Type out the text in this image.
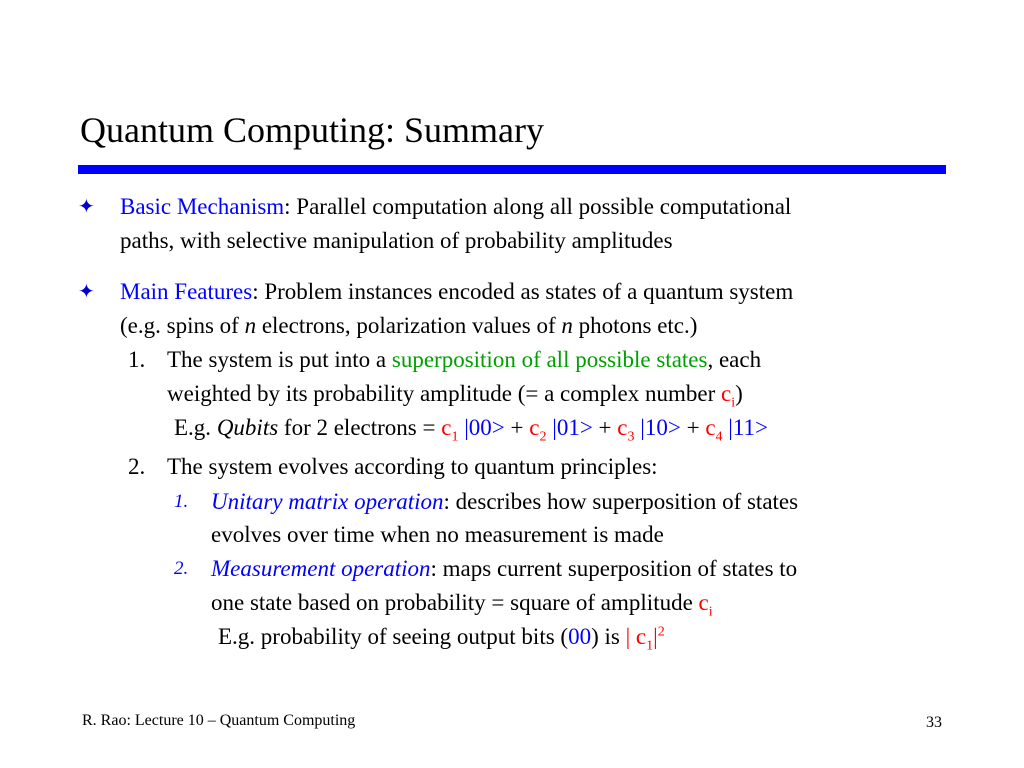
Quantum Computing: Summary
✦ Basic Mechanism: Parallel computation along all possible computational
paths, with selective manipulation of probability amplitudes
✦ Main Features: Problem instances encoded as states of a quantum system
(e.g. spins of n electrons, polarization values of n photons etc.)
1. The system is put into a superposition of all possible states, each
weighted by its probability amplitude (= a complex number $c_i$)
E.g. Qubits for 2 electrons = $c_1$ $|00> + c_2$ $|01> + c_3$ $|10> + c_4$ |11>
2. The system evolves according to quantum principles:
1. Unitary matrix operation: describes how superposition of states
evolves over time when no measurement is made
2. Measurement operation: maps current superposition of states to
one state based on probability = square of amplitude $c_i$
E.g. probability of seeing output bits (00) is | $c_1|^2$
R. Rao: Lecture 10 – Quantum Computing	33
